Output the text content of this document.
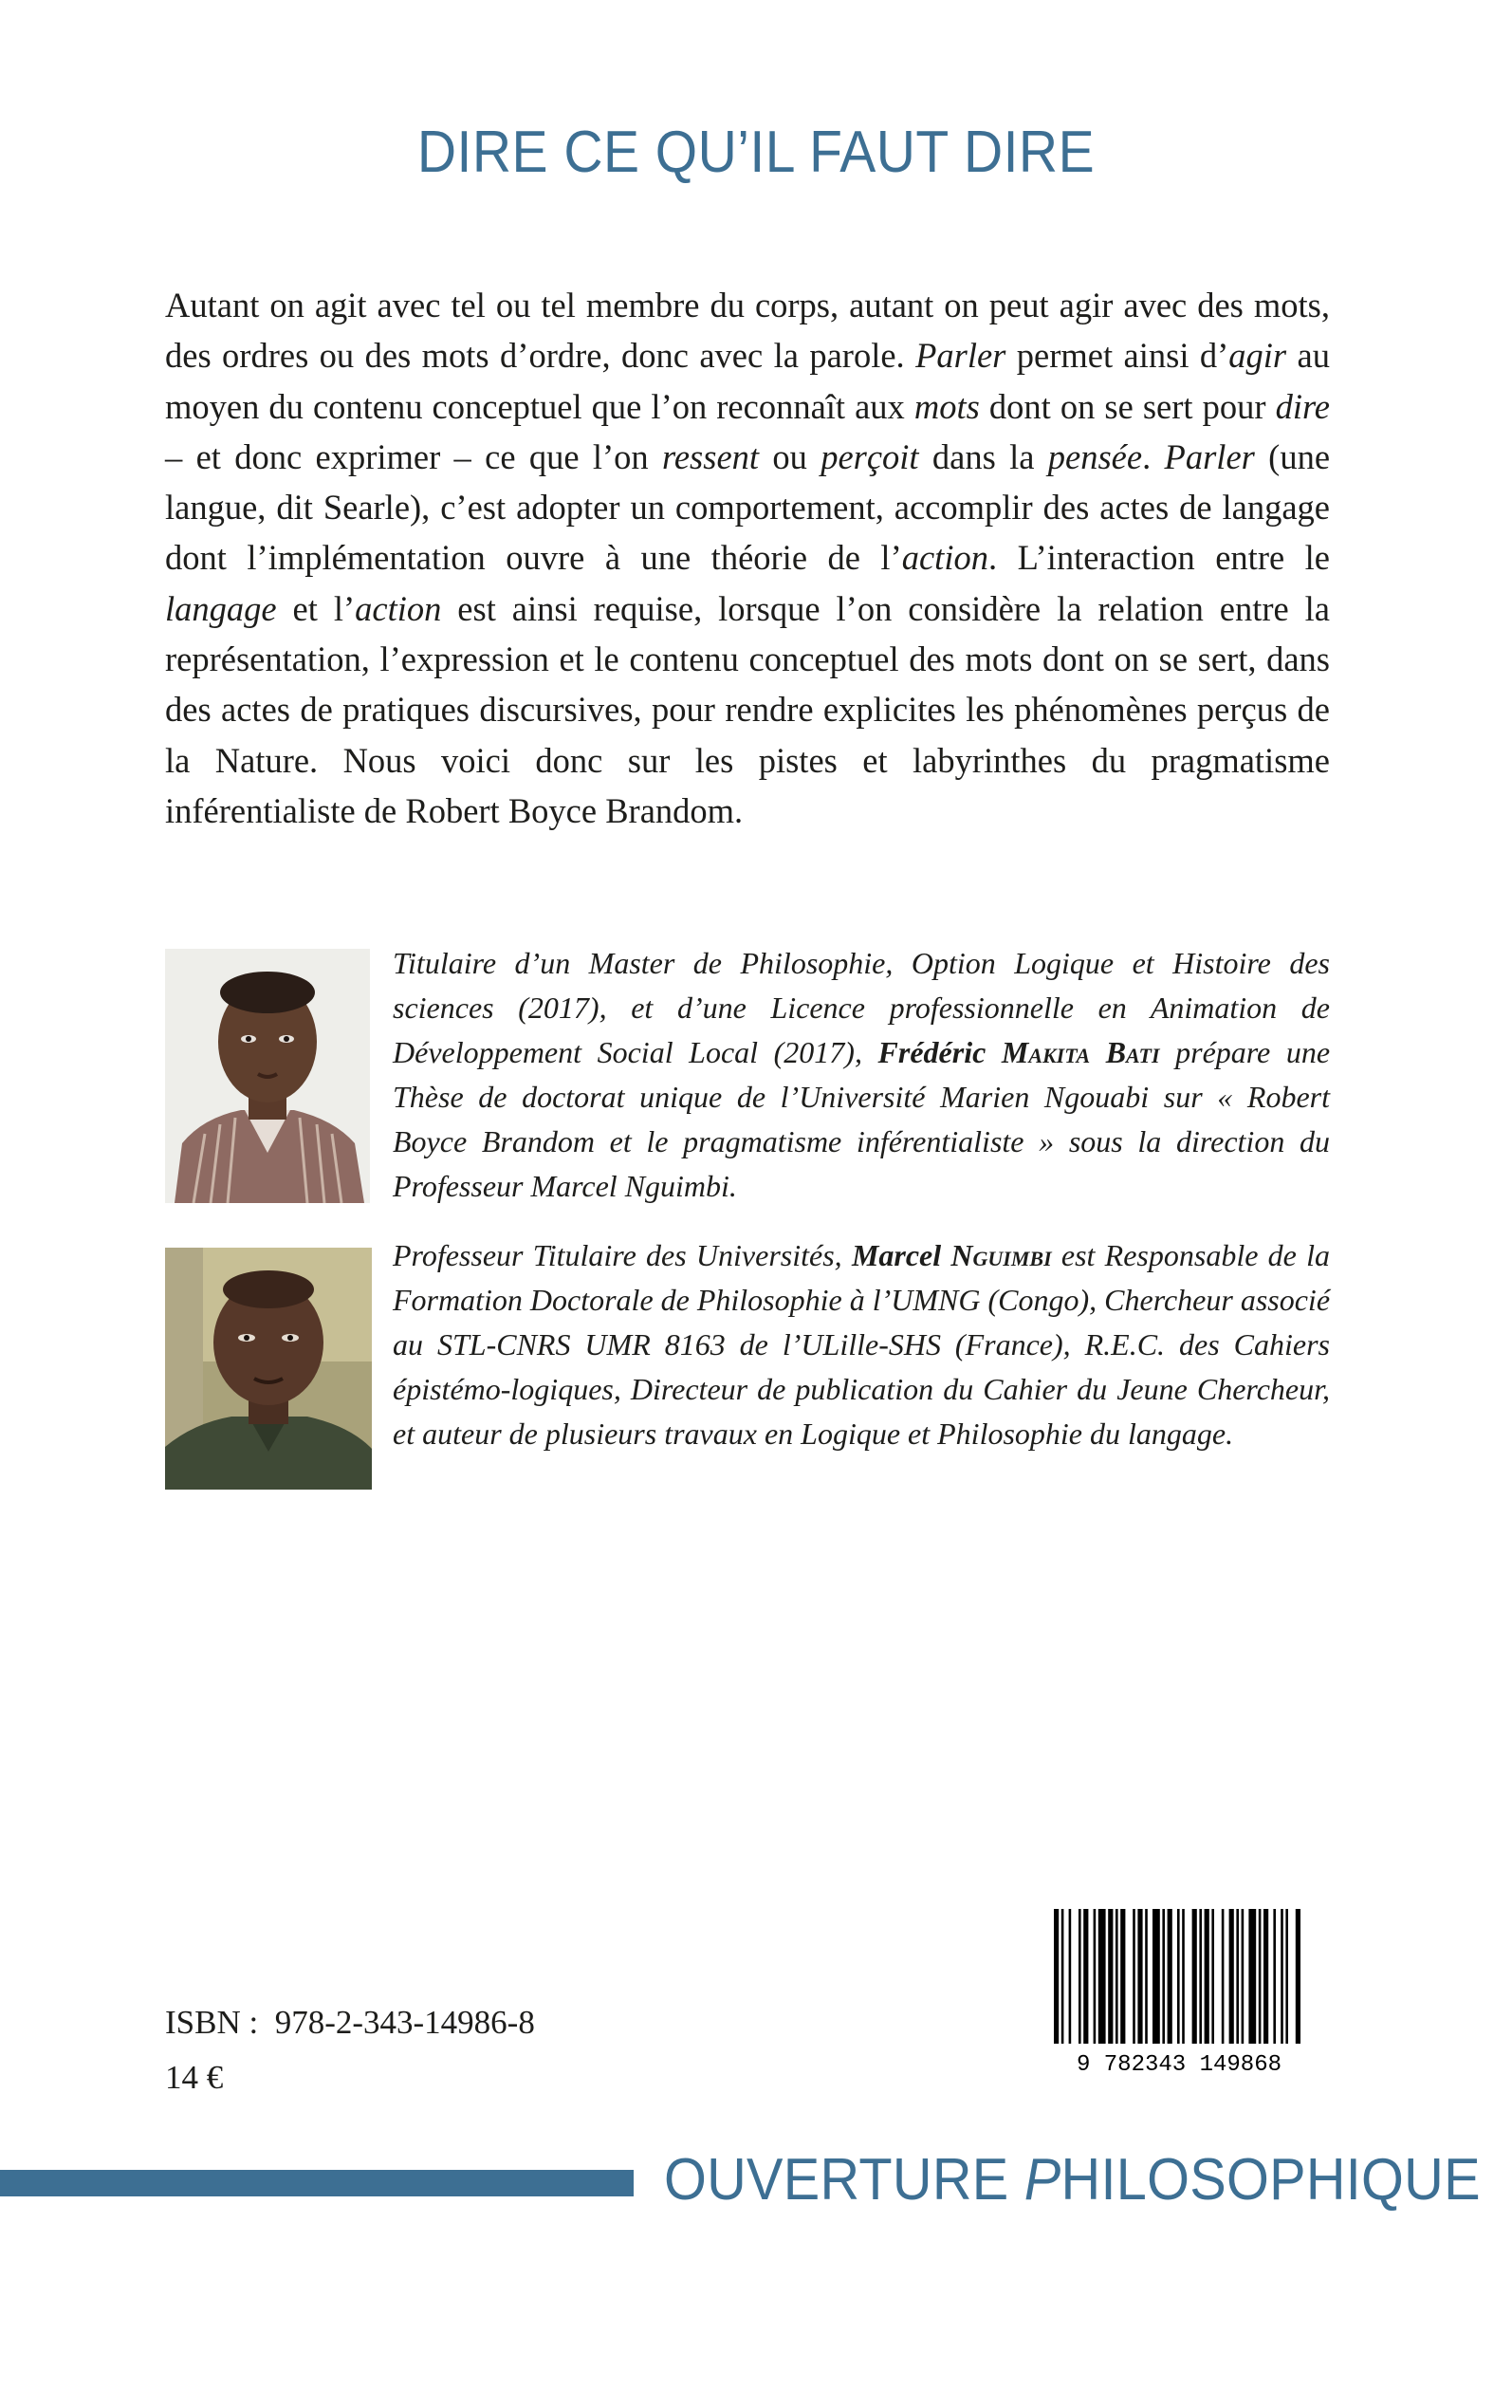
DIRE CE QU’IL FAUT DIRE

Autant on agit avec tel ou tel membre du corps, autant on peut agir avec des mots, des ordres ou des mots d’ordre, donc avec la parole. Parler permet ainsi d’agir au moyen du contenu conceptuel que l’on reconnaît aux mots dont on se sert pour dire – et donc exprimer – ce que l’on ressent ou perçoit dans la pensée. Parler (une langue, dit Searle), c’est adopter un comportement, accomplir des actes de langage dont l’implémentation ouvre à une théorie de l’action. L’interaction entre le langage et l’action est ainsi requise, lorsque l’on considère la relation entre la représentation, l’expression et le contenu conceptuel des mots dont on se sert, dans des actes de pratiques discursives, pour rendre explicites les phénomènes perçus de la Nature. Nous voici donc sur les pistes et labyrinthes du pragmatisme inférentialiste de Robert Boyce Brandom.

Titulaire d’un Master de Philosophie, Option Logique et Histoire des sciences (2017), et d’une Licence professionnelle en Animation de Développement Social Local (2017), Frédéric Makita Bati prépare une Thèse de doctorat unique de l’Université Marien Ngouabi sur « Robert Boyce Brandom et le pragmatisme inférentialiste » sous la direction du Professeur Marcel Nguimbi.

Professeur Titulaire des Universités, Marcel Nguimbi est Responsable de la Formation Doctorale de Philosophie à l’UMNG (Congo), Chercheur associé au STL-CNRS UMR 8163 de l’ULille-SHS (France), R.E.C. des Cahiers épistémo-logiques, Directeur de publication du Cahier du Jeune Chercheur, et auteur de plusieurs travaux en Logique et Philosophie du langage.

ISBN :  978-2-343-14986-8
14 €	9 782343 149868
OUVERTURE PHILOSOPHIQUE
